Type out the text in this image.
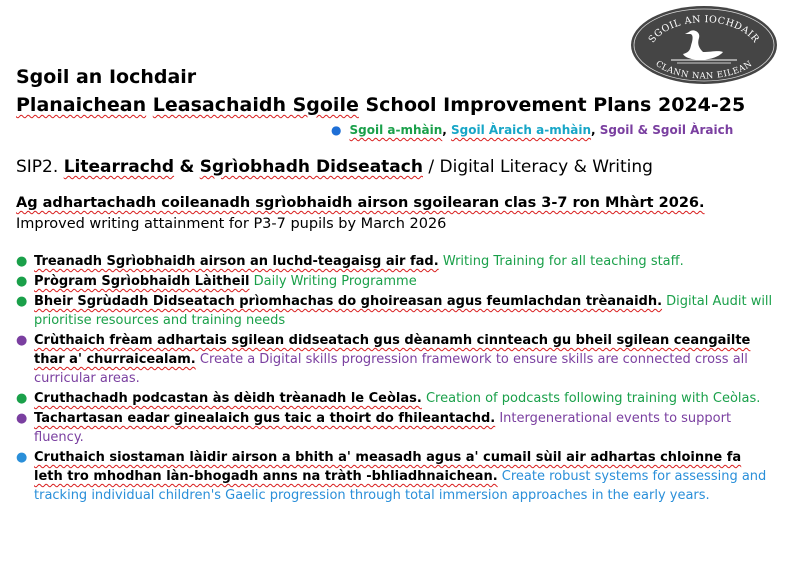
SGOIL AN IOCHDAIR
CLANN NAN EILEAN
Sgoil an Iochdair
Planaichean Leasachaidh Sgoile School Improvement Plans 2024-25

● Sgoil a-mhàin, Sgoil Àraich a-mhàin, Sgoil & Sgoil Àraich

SIP2. Litearrachd & Sgrìobhadh Didseatach / Digital Literacy & Writing

Ag adhartachadh coileanadh sgrìobhaidh airson sgoilearan clas 3-7 ron Mhàrt 2026.

Improved writing attainment for P3-7 pupils by March 2026

● Treanadh Sgrìobhaidh airson an luchd-teagaisg air fad. Writing Training for all teaching staff.
● Prògram Sgrìobhaidh Làitheil Daily Writing Programme
● Bheir Sgrùdadh Didseatach prìomhachas do ghoireasan agus feumlachdan trèanaidh. Digital Audit will prioritise resources and training needs
● Crùthaich frèam adhartais sgilean didseatach gus dèanamh cinnteach gu bheil sgilean ceangailte thar a' churraicealam. Create a Digital skills progression framework to ensure skills are connected cross all curricular areas.
● Cruthachadh podcastan às dèidh trèanadh le Ceòlas. Creation of podcasts following training with Ceòlas.
● Tachartasan eadar ginealaich gus taic a thoirt do fhileantachd. Intergenerational events to support fluency.
● Cruthaich siostaman làidir airson a bhith a' measadh agus a' cumail sùil air adhartas chloinne fa leth tro mhodhan làn-bhogadh anns na tràth -bhliadhnaichean. Create robust systems for assessing and tracking individual children's Gaelic progression through total immersion approaches in the early years.
